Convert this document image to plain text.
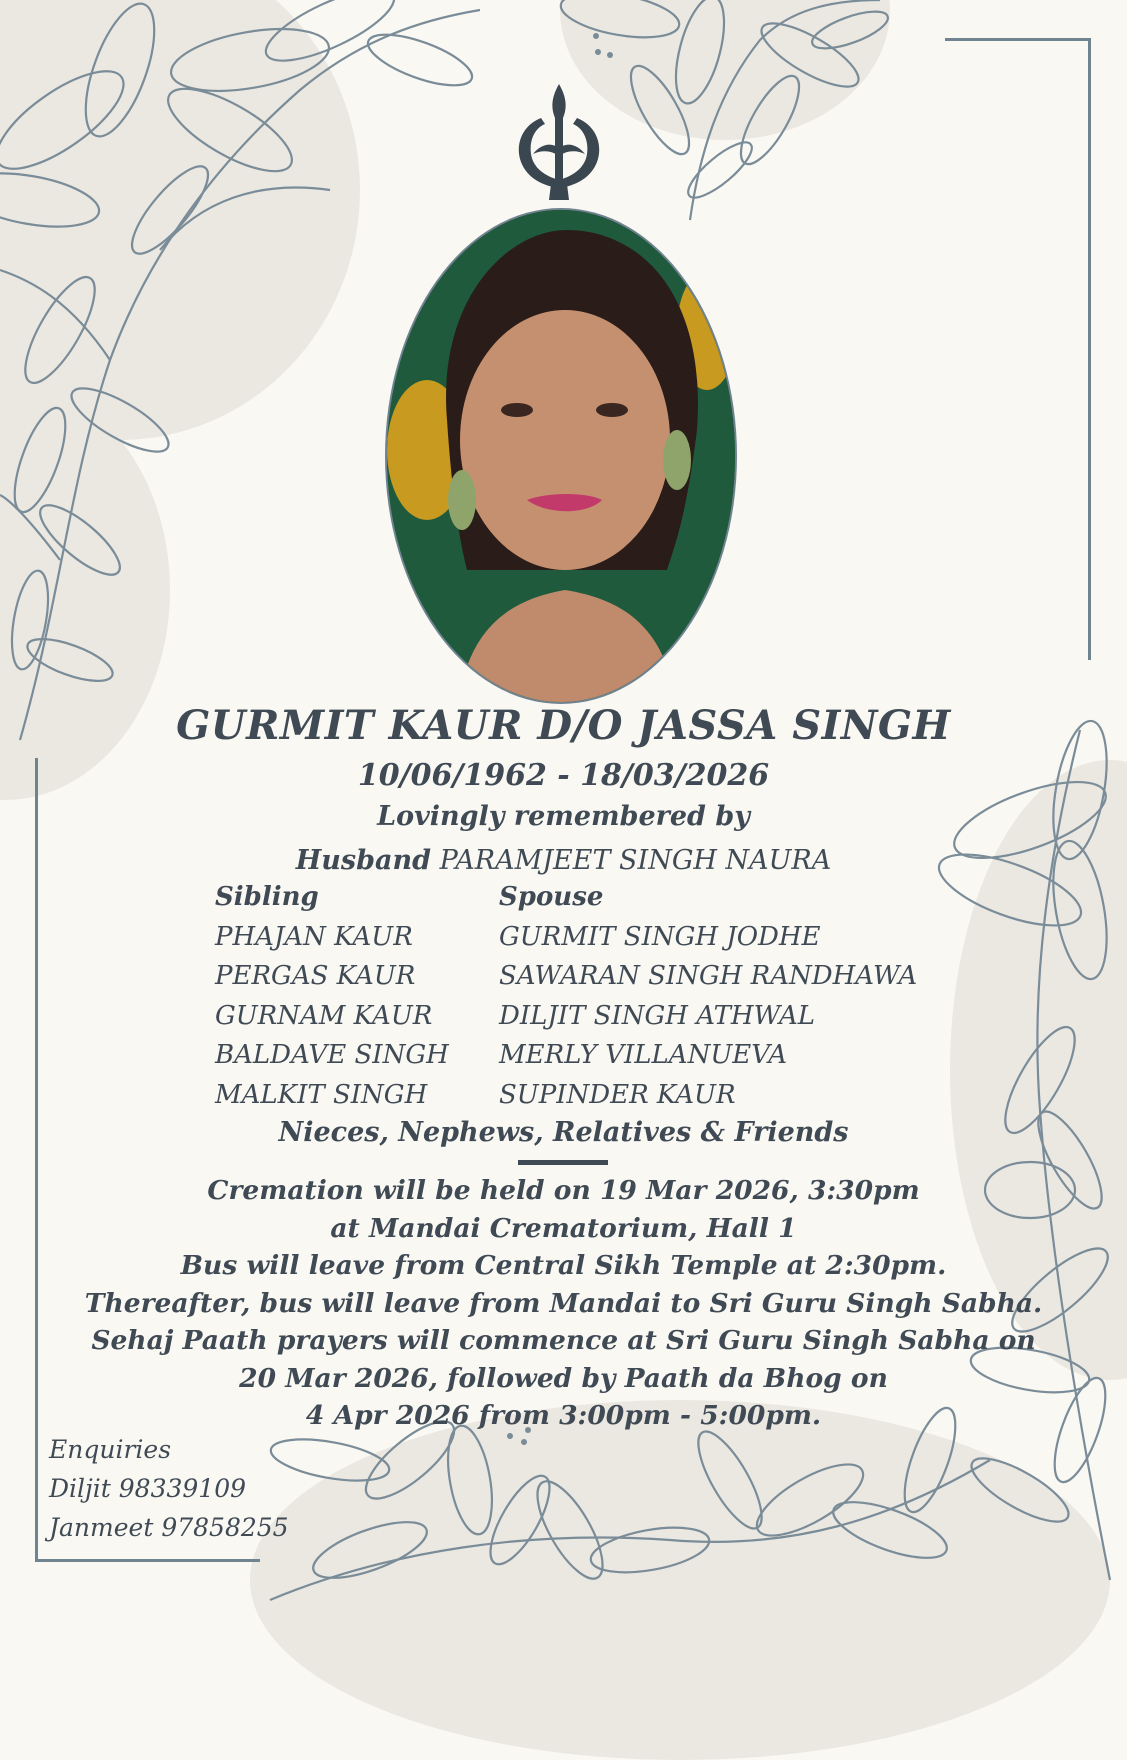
GURMIT KAUR D/O JASSA SINGH
10/06/1962 - 18/03/2026
Lovingly remembered by
Husband PARAMJEET SINGH NAURA
Sibling
PHAJAN KAUR
PERGAS KAUR
GURNAM KAUR
BALDAVE SINGH
MALKIT SINGH
Spouse
GURMIT SINGH JODHE
SAWARAN SINGH RANDHAWA
DILJIT SINGH ATHWAL
MERLY VILLANUEVA
SUPINDER KAUR
Nieces, Nephews, Relatives & Friends
Cremation will be held on 19 Mar 2026, 3:30pm
at Mandai Crematorium, Hall 1
Bus will leave from Central Sikh Temple at 2:30pm.
Thereafter, bus will leave from Mandai to Sri Guru Singh Sabha.
Sehaj Paath prayers will commence at Sri Guru Singh Sabha on
20 Mar 2026, followed by Paath da Bhog on
4 Apr 2026 from 3:00pm - 5:00pm.
Enquiries
Diljit 98339109
Janmeet 97858255
